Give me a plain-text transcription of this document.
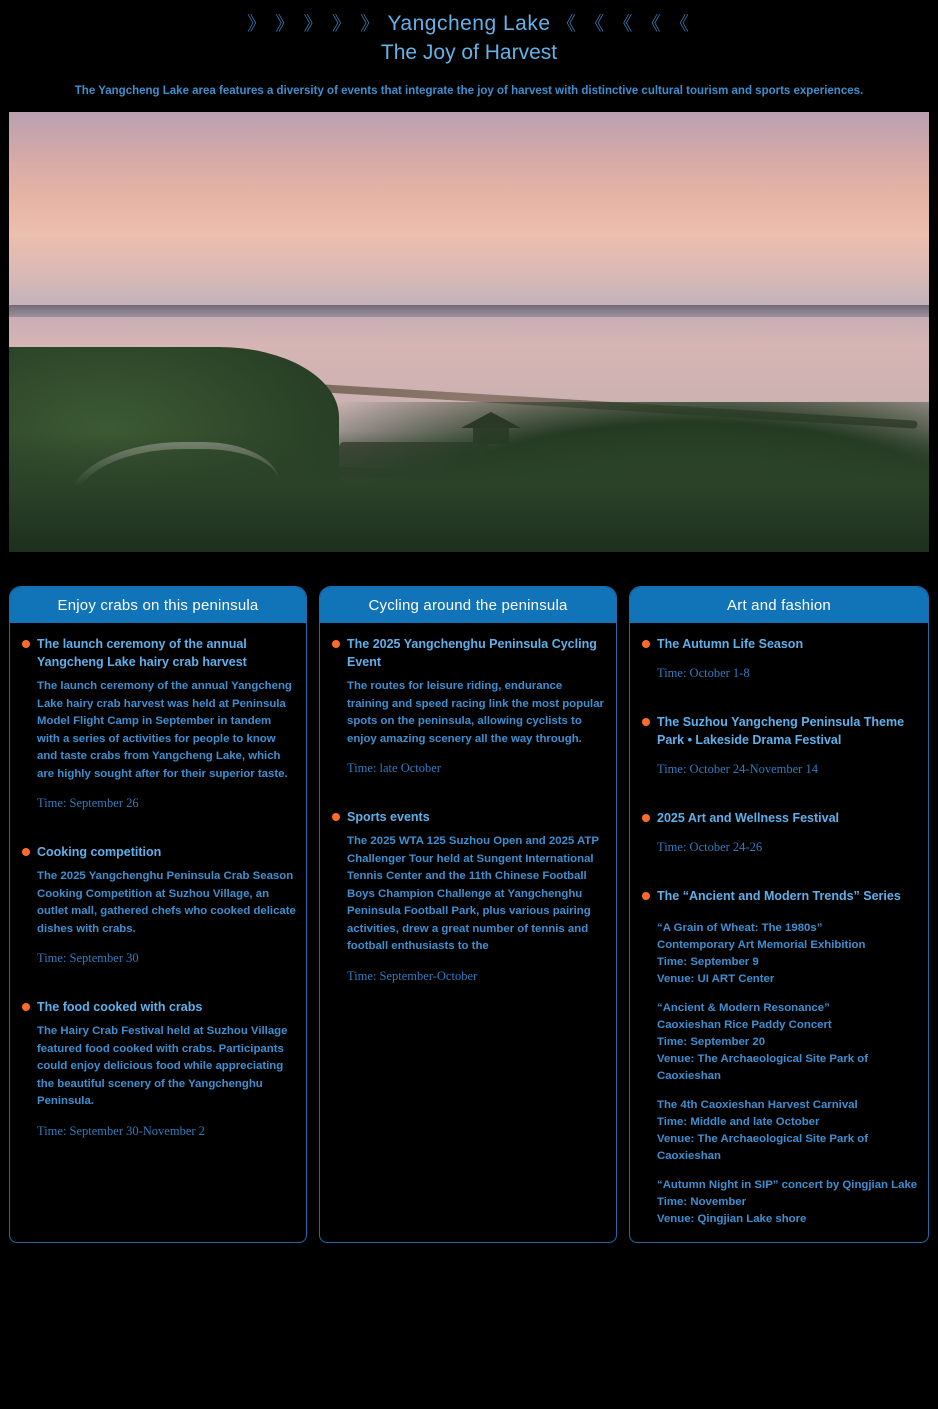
》 》 》 》 》 Yangcheng Lake 《 《 《 《 《
The Joy of Harvest
The Yangcheng Lake area features a diversity of events that integrate the joy of harvest with distinctive cultural tourism and sports experiences.
Enjoy crabs on this peninsula
The launch ceremony of the annual Yangcheng Lake hairy crab harvest
The launch ceremony of the annual Yangcheng Lake hairy crab harvest was held at Peninsula Model Flight Camp in September in tandem with a series of activities for people to know and taste crabs from Yangcheng Lake, which are highly sought after for their superior taste.
Time: September 26
Cooking competition
The 2025 Yangchenghu Peninsula Crab Season Cooking Competition at Suzhou Village, an outlet mall, gathered chefs who cooked delicate dishes with crabs.
Time: September 30
The food cooked with crabs
The Hairy Crab Festival held at Suzhou Village featured food cooked with crabs. Participants could enjoy delicious food while appreciating the beautiful scenery of the Yangchenghu Peninsula.
Time: September 30-November 2
Cycling around the peninsula
The 2025 Yangchenghu Peninsula Cycling Event
The routes for leisure riding, endurance training and speed racing link the most popular spots on the peninsula, allowing cyclists to enjoy amazing scenery all the way through.
Time: late October
Sports events
The 2025 WTA 125 Suzhou Open and 2025 ATP Challenger Tour held at Sungent International Tennis Center and the 11th Chinese Football Boys Champion Challenge at Yangchenghu Peninsula Football Park, plus various pairing activities, drew a great number of tennis and football enthusiasts to the
Time: September-October
Art and fashion
The Autumn Life Season
Time: October 1-8
The Suzhou Yangcheng Peninsula Theme Park • Lakeside Drama Festival
Time: October 24-November 14
2025 Art and Wellness Festival
Time: October 24-26
The “Ancient and Modern Trends” Series
“A Grain of Wheat: The 1980s”
Contemporary Art Memorial Exhibition
Time: September 9
Venue: UI ART Center
“Ancient & Modern Resonance”
Caoxieshan Rice Paddy Concert
Time: September 20
Venue: The Archaeological Site Park of Caoxieshan
The 4th Caoxieshan Harvest Carnival
Time: Middle and late October
Venue: The Archaeological Site Park of Caoxieshan
“Autumn Night in SIP” concert by Qingjian Lake
Time: November
Venue: Qingjian Lake shore
